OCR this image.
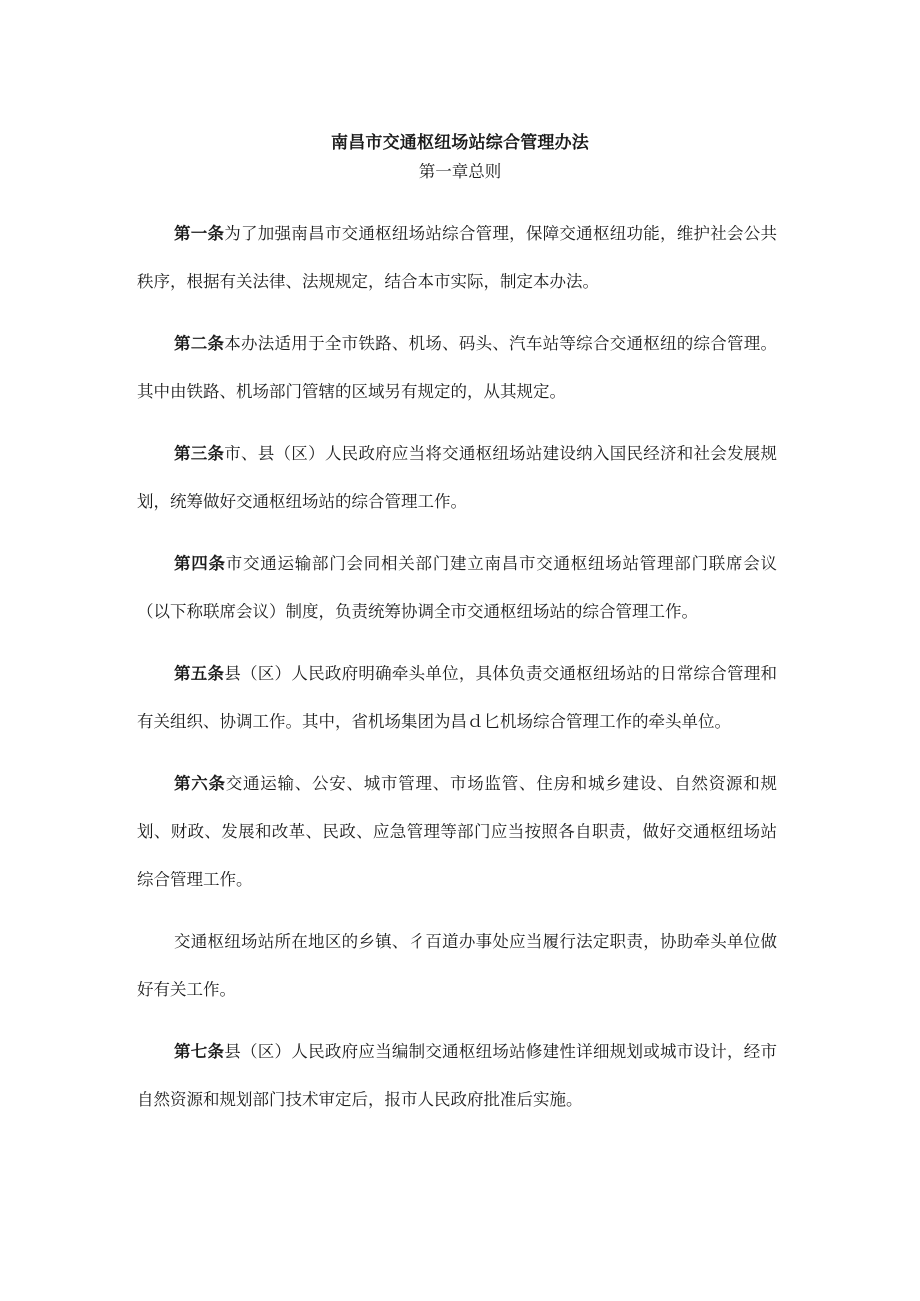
南昌市交通枢纽场站综合管理办法
第一章总则

第一条为了加强南昌市交通枢纽场站综合管理，保障交通枢纽功能，维护社会公共秩序，根据有关法律、法规规定，结合本市实际，制定本办法。

第二条本办法适用于全市铁路、机场、码头、汽车站等综合交通枢纽的综合管理。其中由铁路、机场部门管辖的区域另有规定的，从其规定。

第三条市、县（区）人民政府应当将交通枢纽场站建设纳入国民经济和社会发展规划，统筹做好交通枢纽场站的综合管理工作。

第四条市交通运输部门会同相关部门建立南昌市交通枢纽场站管理部门联席会议（以下称联席会议）制度，负责统筹协调全市交通枢纽场站的综合管理工作。

第五条县（区）人民政府明确牵头单位，具体负责交通枢纽场站的日常综合管理和有关组织、协调工作。其中，省机场集团为昌ｄ匕机场综合管理工作的牵头单位。

第六条交通运输、公安、城市管理、市场监管、住房和城乡建设、自然资源和规划、财政、发展和改革、民政、应急管理等部门应当按照各自职责，做好交通枢纽场站综合管理工作。

交通枢纽场站所在地区的乡镇、彳百道办事处应当履行法定职责，协助牵头单位做好有关工作。

第七条县（区）人民政府应当编制交通枢纽场站修建性详细规划或城市设计，经市自然资源和规划部门技术审定后，报市人民政府批准后实施。
